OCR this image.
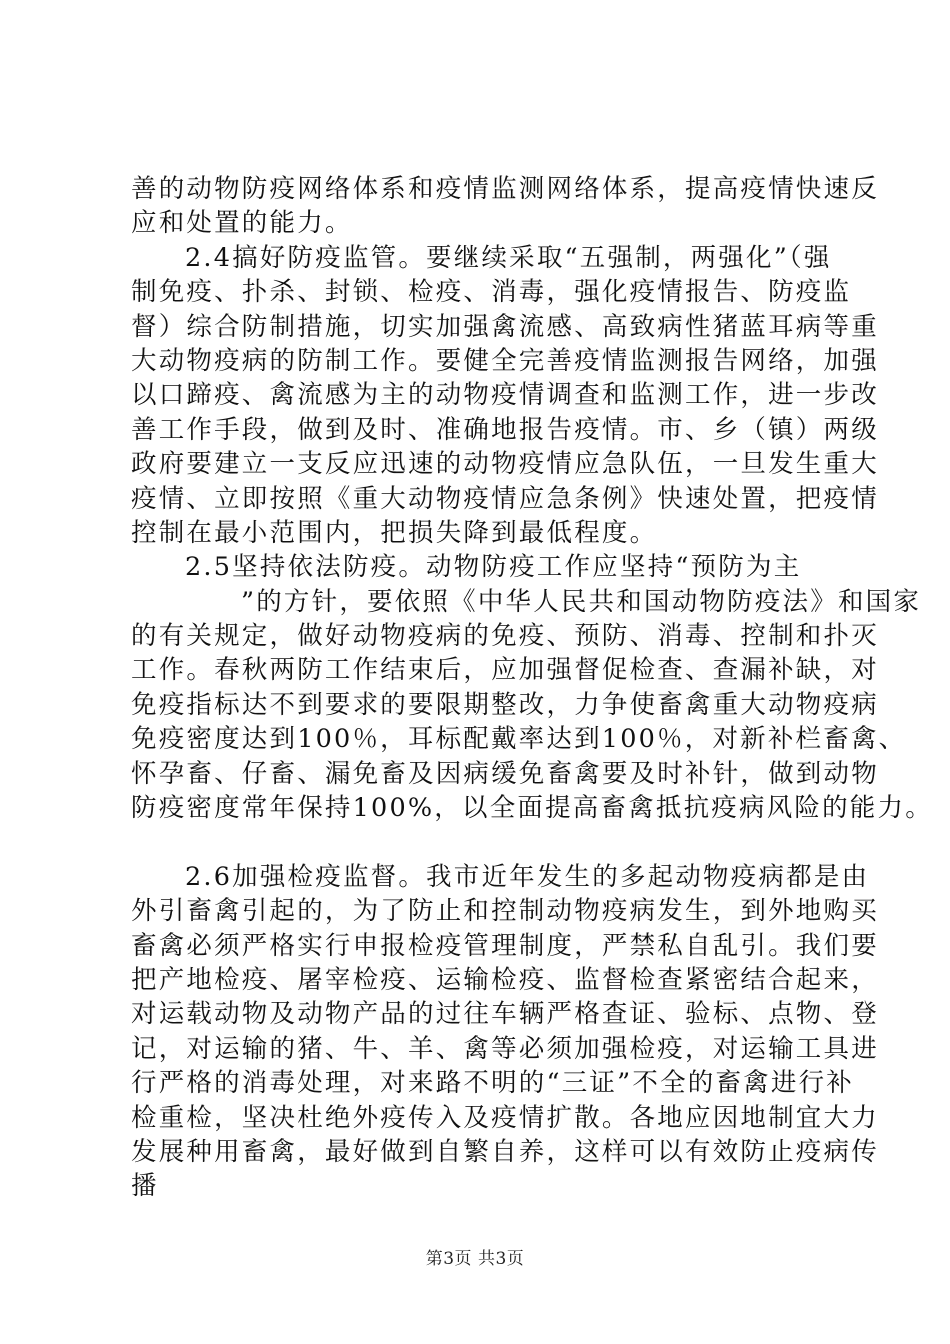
善的动物防疫网络体系和疫情监测网络体系，提高疫情快速反
应和处置的能力。
2.4搞好防疫监管。要继续采取“五强制，两强化”（强
制免疫、扑杀、封锁、检疫、消毒，强化疫情报告、防疫监
督）综合防制措施，切实加强禽流感、高致病性猪蓝耳病等重
大动物疫病的防制工作。要健全完善疫情监测报告网络，加强
以口蹄疫、禽流感为主的动物疫情调查和监测工作，进一步改
善工作手段，做到及时、准确地报告疫情。市、乡（镇）两级
政府要建立一支反应迅速的动物疫情应急队伍，一旦发生重大
疫情、立即按照《重大动物疫情应急条例》快速处置，把疫情
控制在最小范围内，把损失降到最低程度。
2.5坚持依法防疫。动物防疫工作应坚持“预防为主
”的方针，要依照《中华人民共和国动物防疫法》和国家
的有关规定，做好动物疫病的免疫、预防、消毒、控制和扑灭
工作。春秋两防工作结束后，应加强督促检查、查漏补缺，对
免疫指标达不到要求的要限期整改，力争使畜禽重大动物疫病
免疫密度达到100％，耳标配戴率达到100％，对新补栏畜禽、
怀孕畜、仔畜、漏免畜及因病缓免畜禽要及时补针，做到动物
防疫密度常年保持100%，以全面提高畜禽抵抗疫病风险的能力。
2.6加强检疫监督。我市近年发生的多起动物疫病都是由
外引畜禽引起的，为了防止和控制动物疫病发生，到外地购买
畜禽必须严格实行申报检疫管理制度，严禁私自乱引。我们要
把产地检疫、屠宰检疫、运输检疫、监督检查紧密结合起来，
对运载动物及动物产品的过往车辆严格查证、验标、点物、登
记，对运输的猪、牛、羊、禽等必须加强检疫，对运输工具进
行严格的消毒处理，对来路不明的“三证”不全的畜禽进行补
检重检，坚决杜绝外疫传入及疫情扩散。各地应因地制宜大力
发展种用畜禽，最好做到自繁自养，这样可以有效防止疫病传
播
第3页 共3页
